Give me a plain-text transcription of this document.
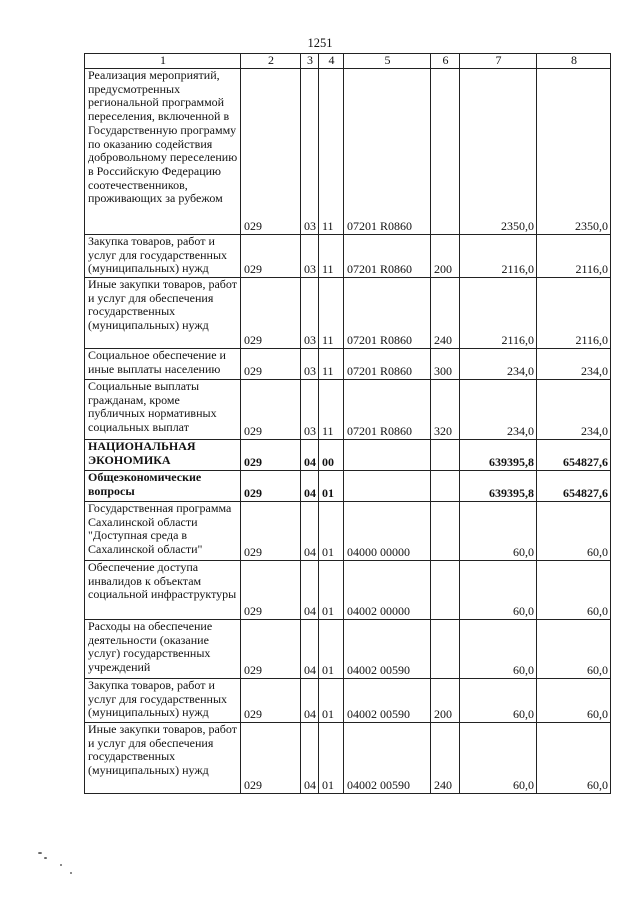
1251
1	2	3	4	5	6	7	8
Реализация мероприятий, предусмотренных региональной программой переселения, включенной в Государственную программу по оказанию содействия добровольному переселению в Российскую Федерацию соотечественников, проживающих за рубежом	029	03	11	07201 R0860		2350,0	2350,0
Закупка товаров, работ и услуг для государственных (муниципальных) нужд	029	03	11	07201 R0860	200	2116,0	2116,0
Иные закупки товаров, работ и услуг для обеспечения государственных (муниципальных) нужд	029	03	11	07201 R0860	240	2116,0	2116,0
Социальное обеспечение и иные выплаты населению	029	03	11	07201 R0860	300	234,0	234,0
Социальные выплаты гражданам, кроме публичных нормативных социальных выплат	029	03	11	07201 R0860	320	234,0	234,0
НАЦИОНАЛЬНАЯ ЭКОНОМИКА	029	04	00			639395,8	654827,6
Общеэкономические вопросы	029	04	01			639395,8	654827,6
Государственная программа Сахалинской области "Доступная среда в Сахалинской области"	029	04	01	04000 00000		60,0	60,0
Обеспечение доступа инвалидов к объектам социальной инфраструктуры	029	04	01	04002 00000		60,0	60,0
Расходы на обеспечение деятельности (оказание услуг) государственных учреждений	029	04	01	04002 00590		60,0	60,0
Закупка товаров, работ и услуг для государственных (муниципальных) нужд	029	04	01	04002 00590	200	60,0	60,0
Иные закупки товаров, работ и услуг для обеспечения государственных (муниципальных) нужд	029	04	01	04002 00590	240	60,0	60,0
